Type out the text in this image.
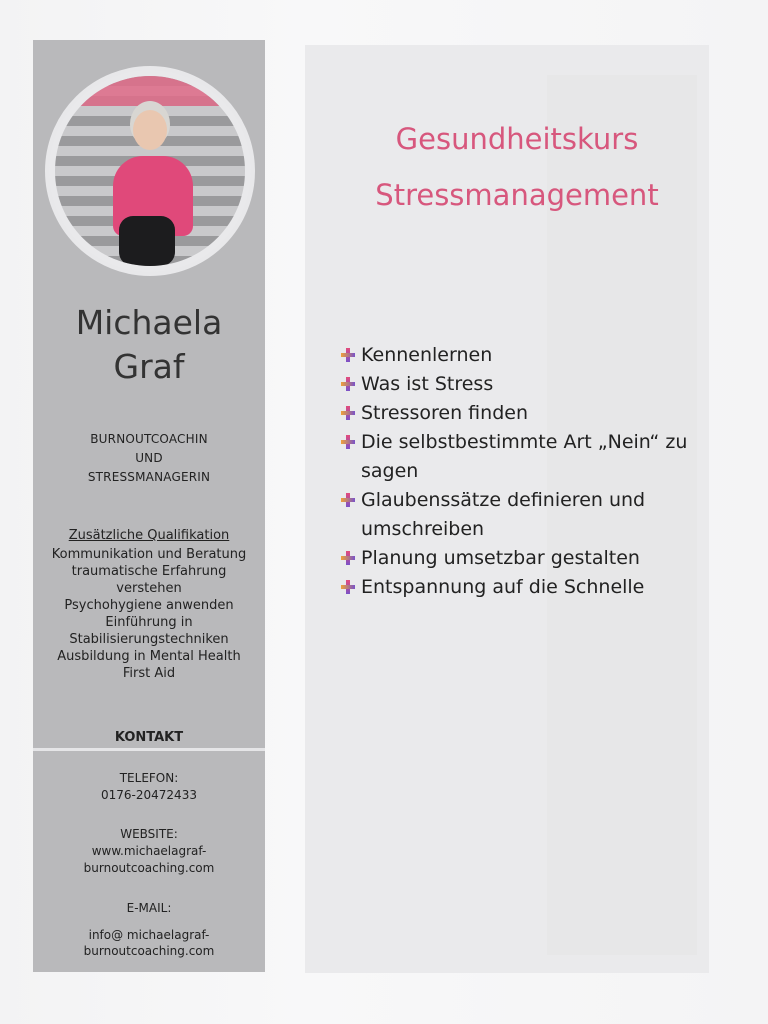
Michaela
Graf
BURNOUTCOACHIN
UND
STRESSMANAGERIN
Zusätzliche Qualifikation
Kommunikation und Beratung
traumatische Erfahrung
verstehen
Psychohygiene anwenden
Einführung in
Stabilisierungstechniken
Ausbildung in Mental Health
First Aid
KONTAKT
TELEFON:
0176-20472433
WEBSITE:
www.michaelagraf-
burnoutcoaching.com
E-MAIL:
info@ michaelagraf-
burnoutcoaching.com
Gesundheitskurs
Stressmanagement
Kennenlernen
Was ist Stress
Stressoren finden
Die selbstbestimmte Art „Nein“ zu sagen
Glaubenssätze definieren und umschreiben
Planung umsetzbar gestalten
Entspannung auf die Schnelle
